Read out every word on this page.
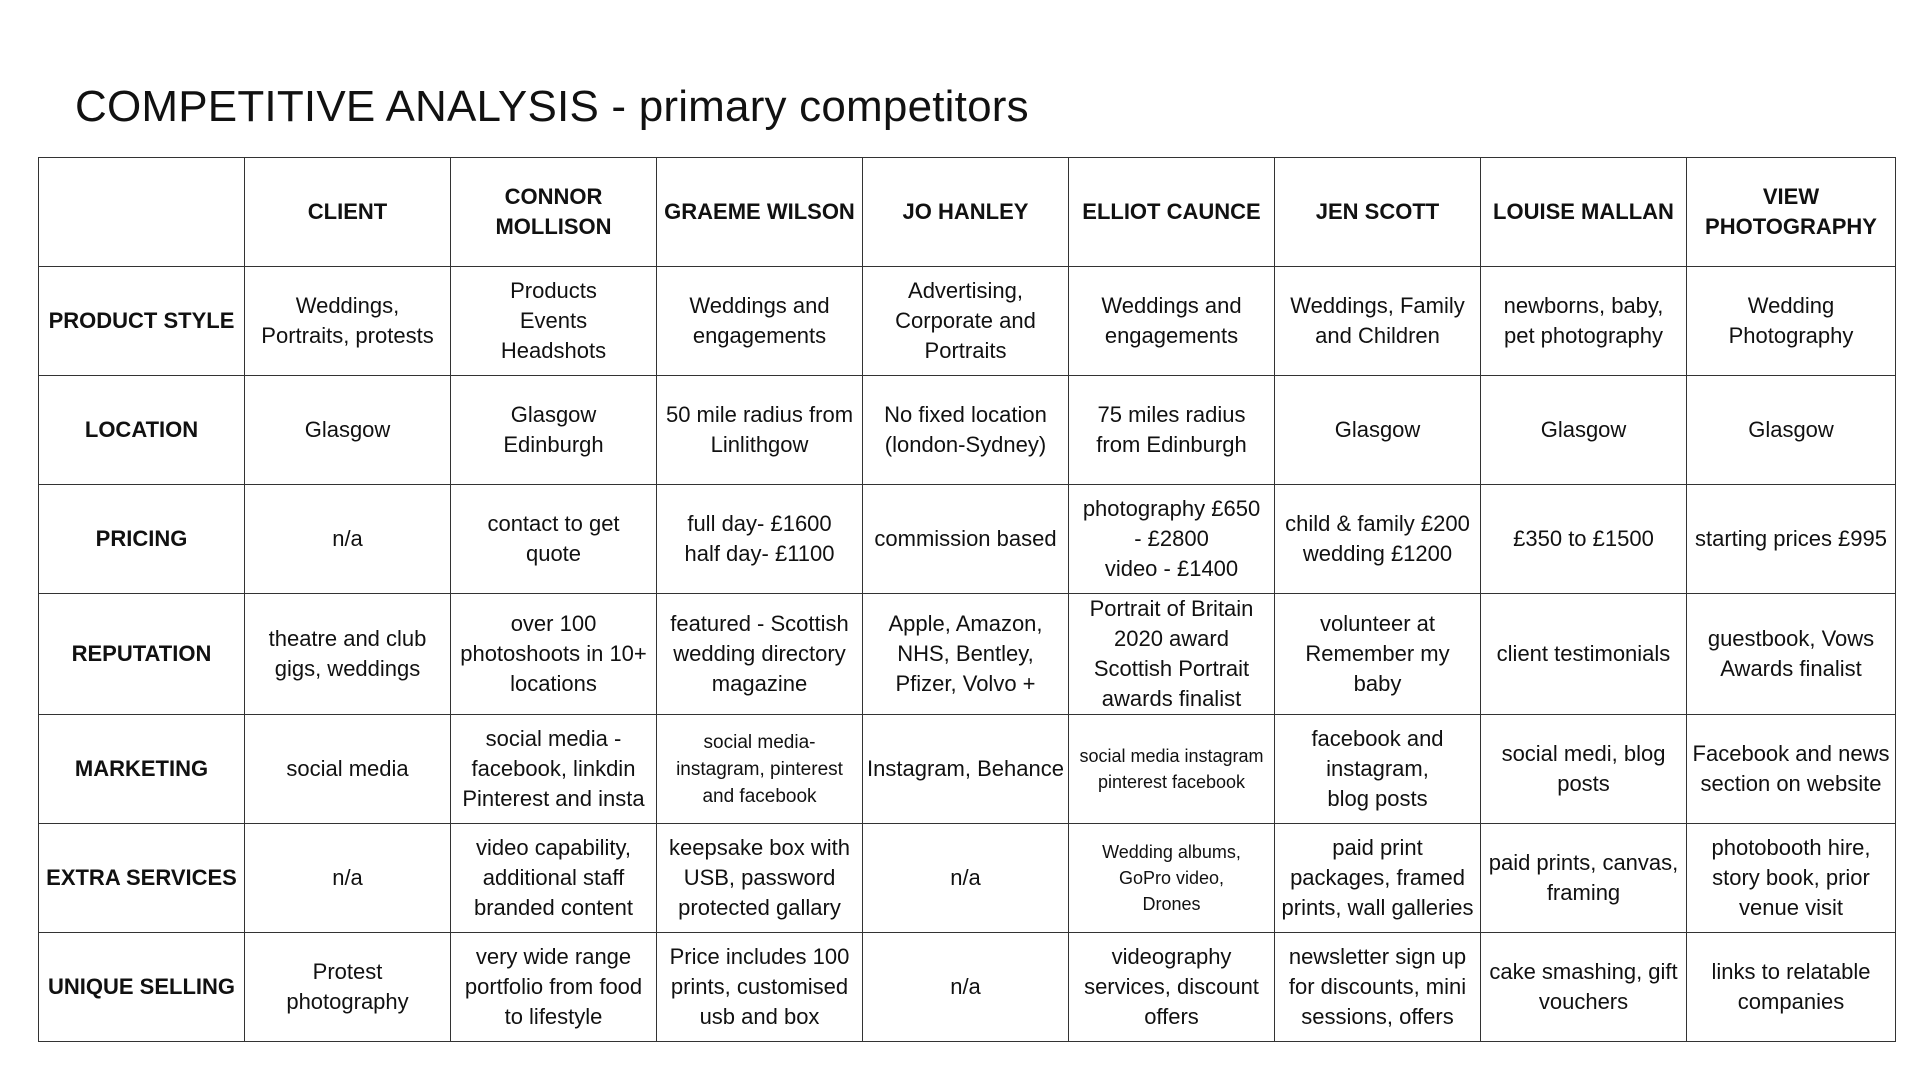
COMPETITIVE ANALYSIS - primary competitors

	CLIENT	CONNOR
MOLLISON	GRAEME WILSON	JO HANLEY	ELLIOT CAUNCE	JEN SCOTT	LOUISE MALLAN	VIEW
PHOTOGRAPHY

PRODUCT STYLE	Weddings,
Portraits, protests	Products
Events
Headshots	Weddings and
engagements	Advertising,
Corporate and
Portraits	Weddings and
engagements	Weddings, Family
and Children	newborns, baby,
pet photography	Wedding
Photography

LOCATION	Glasgow	Glasgow
Edinburgh	50 mile radius from
Linlithgow	No fixed location
(london-Sydney)	75 miles radius
from Edinburgh	Glasgow	Glasgow	Glasgow

PRICING	n/a	contact to get
quote	full day- £1600
half day- £1100	commission based	photography £650
- £2800
video - £1400	child & family £200
wedding £1200	£350 to £1500	starting prices £995

REPUTATION	theatre and club
gigs, weddings	over 100
photoshoots in 10+
locations	featured - Scottish
wedding directory
magazine	Apple, Amazon,
NHS, Bentley,
Pfizer, Volvo +	Portrait of Britain
2020 award
Scottish Portrait
awards finalist	volunteer at
Remember my
baby	client testimonials	guestbook, Vows
Awards finalist

MARKETING	social media	social media -
facebook, linkdin
Pinterest and insta	social media-
instagram, pinterest
and facebook	Instagram, Behance	social media instagram
pinterest facebook	facebook and
instagram,
blog posts	social medi, blog
posts	Facebook and news
section on website

EXTRA SERVICES	n/a	video capability,
additional staff
branded content	keepsake box with
USB, password
protected gallary	n/a	Wedding albums,
GoPro video,
Drones	paid print
packages, framed
prints, wall galleries	paid prints, canvas,
framing	photobooth hire,
story book, prior
venue visit

UNIQUE SELLING	Protest
photography	very wide range
portfolio from food
to lifestyle	Price includes 100
prints, customised
usb and box	n/a	videography
services, discount
offers	newsletter sign up
for discounts, mini
sessions, offers	cake smashing, gift
vouchers	links to relatable
companies
